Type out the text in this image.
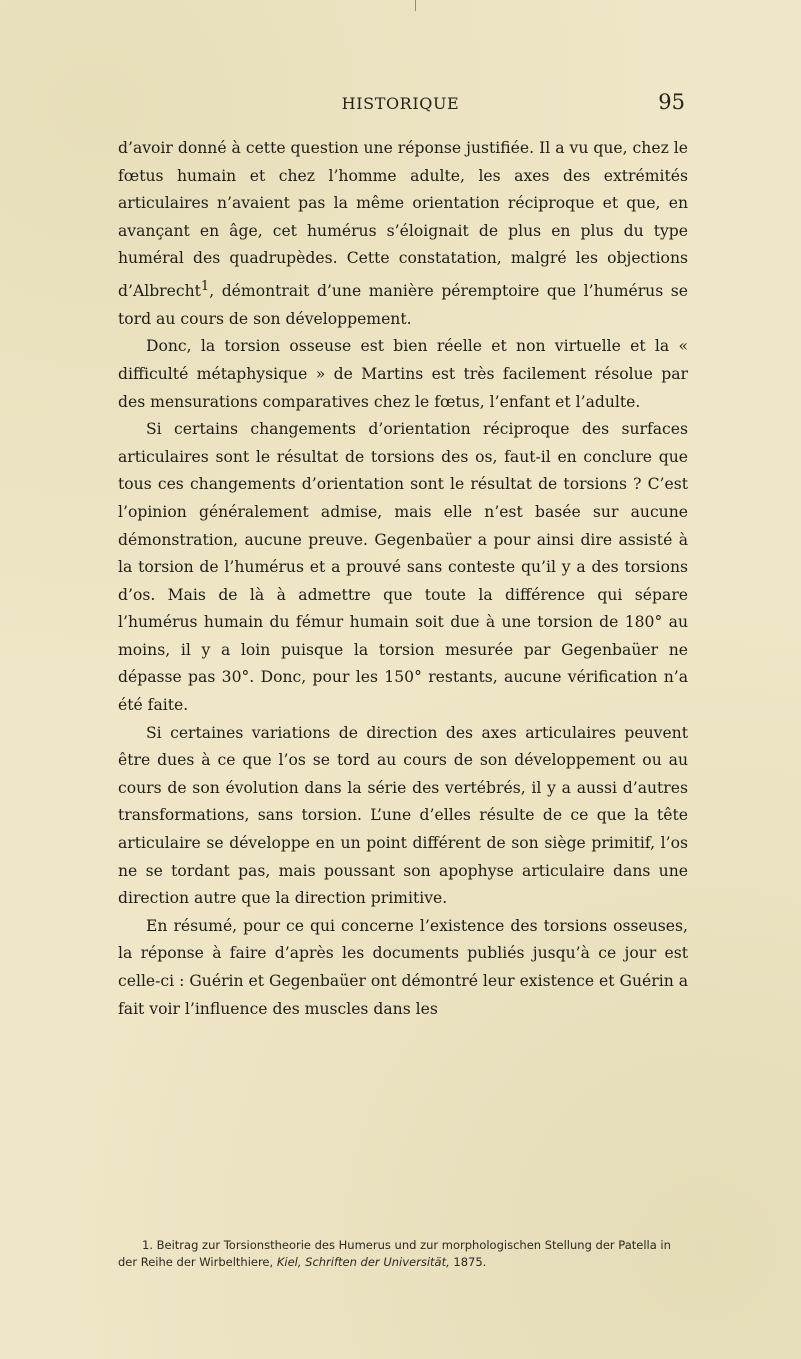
HISTORIQUE	95

d’avoir donné à cette question une réponse justifiée. Il a vu que, chez le fœtus humain et chez l’homme adulte, les axes des extrémités articulaires n’avaient pas la même orientation réciproque et que, en avançant en âge, cet humérus s’éloignait de plus en plus du type huméral des quadrupèdes. Cette constatation, malgré les objections d’Albrecht$^1$, démontrait d’une manière péremptoire que l’humérus se tord au cours de son développement.

Donc, la torsion osseuse est bien réelle et non virtuelle et la « difficulté métaphysique » de Martins est très facilement résolue par des mensurations comparatives chez le fœtus, l’enfant et l’adulte.

Si certains changements d’orientation réciproque des surfaces articulaires sont le résultat de torsions des os, faut-il en conclure que tous ces changements d’orientation sont le résultat de torsions ? C’est l’opinion généralement admise, mais elle n’est basée sur aucune démonstration, aucune preuve. Gegenbaüer a pour ainsi dire assisté à la torsion de l’humérus et a prouvé sans conteste qu’il y a des torsions d’os. Mais de là à admettre que toute la différence qui sépare l’humérus humain du fémur humain soit due à une torsion de 180° au moins, il y a loin puisque la torsion mesurée par Gegenbaüer ne dépasse pas 30°. Donc, pour les 150° restants, aucune vérification n’a été faite.

Si certaines variations de direction des axes articulaires peuvent être dues à ce que l’os se tord au cours de son développement ou au cours de son évolution dans la série des vertébrés, il y a aussi d’autres transformations, sans torsion. L’une d’elles résulte de ce que la tête articulaire se développe en un point différent de son siège primitif, l’os ne se tordant pas, mais poussant son apophyse articulaire dans une direction autre que la direction primitive.

En résumé, pour ce qui concerne l’existence des torsions osseuses, la réponse à faire d’après les documents publiés jusqu’à ce jour est celle-ci : Guérin et Gegenbaüer ont démontré leur existence et Guérin a fait voir l’influence des muscles dans les

1. Beitrag zur Torsionstheorie des Humerus und zur morphologischen Stellung der Patella in der Reihe der Wirbelthiere, Kiel, Schriften der Universität, 1875.
